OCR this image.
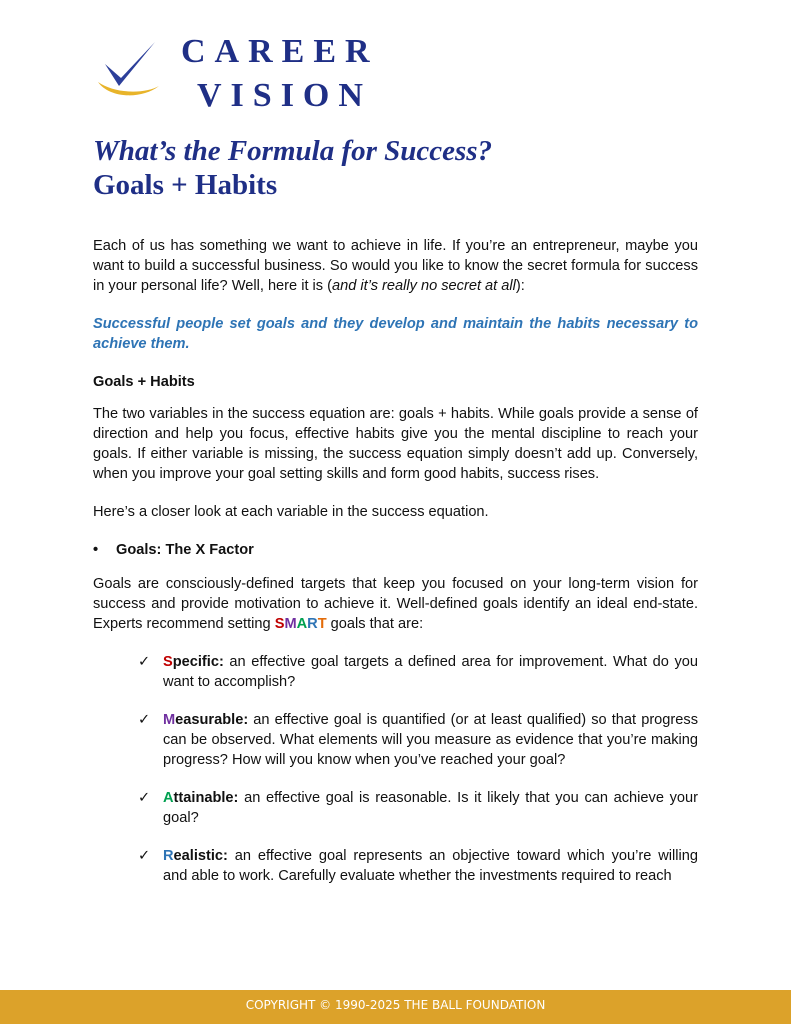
CAREER
VISION
What’s the Formula for Success?
Goals + Habits

Each of us has something we want to achieve in life. If you’re an entrepreneur, maybe you want to build a successful business. So would you like to know the secret formula for success in your personal life? Well, here it is (and it’s really no secret at all):

Successful people set goals and they develop and maintain the habits necessary to achieve them.

Goals + Habits

The two variables in the success equation are: goals + habits. While goals provide a sense of direction and help you focus, effective habits give you the mental discipline to reach your goals. If either variable is missing, the success equation simply doesn’t add up. Conversely, when you improve your goal setting skills and form good habits, success rises.

Here’s a closer look at each variable in the success equation.

•	Goals: The X Factor

Goals are consciously-defined targets that keep you focused on your long-term vision for success and provide motivation to achieve it. Well-defined goals identify an ideal end-state. Experts recommend setting SMART goals that are:

✓ Specific: an effective goal targets a defined area for improvement. What do you want to accomplish?
✓ Measurable: an effective goal is quantified (or at least qualified) so that progress can be observed. What elements will you measure as evidence that you’re making progress? How will you know when you’ve reached your goal?
✓ Attainable: an effective goal is reasonable. Is it likely that you can achieve your goal?
✓ Realistic: an effective goal represents an objective toward which you’re willing and able to work. Carefully evaluate whether the investments required to reach
COPYRIGHT © 1990-2025 THE BALL FOUNDATION
